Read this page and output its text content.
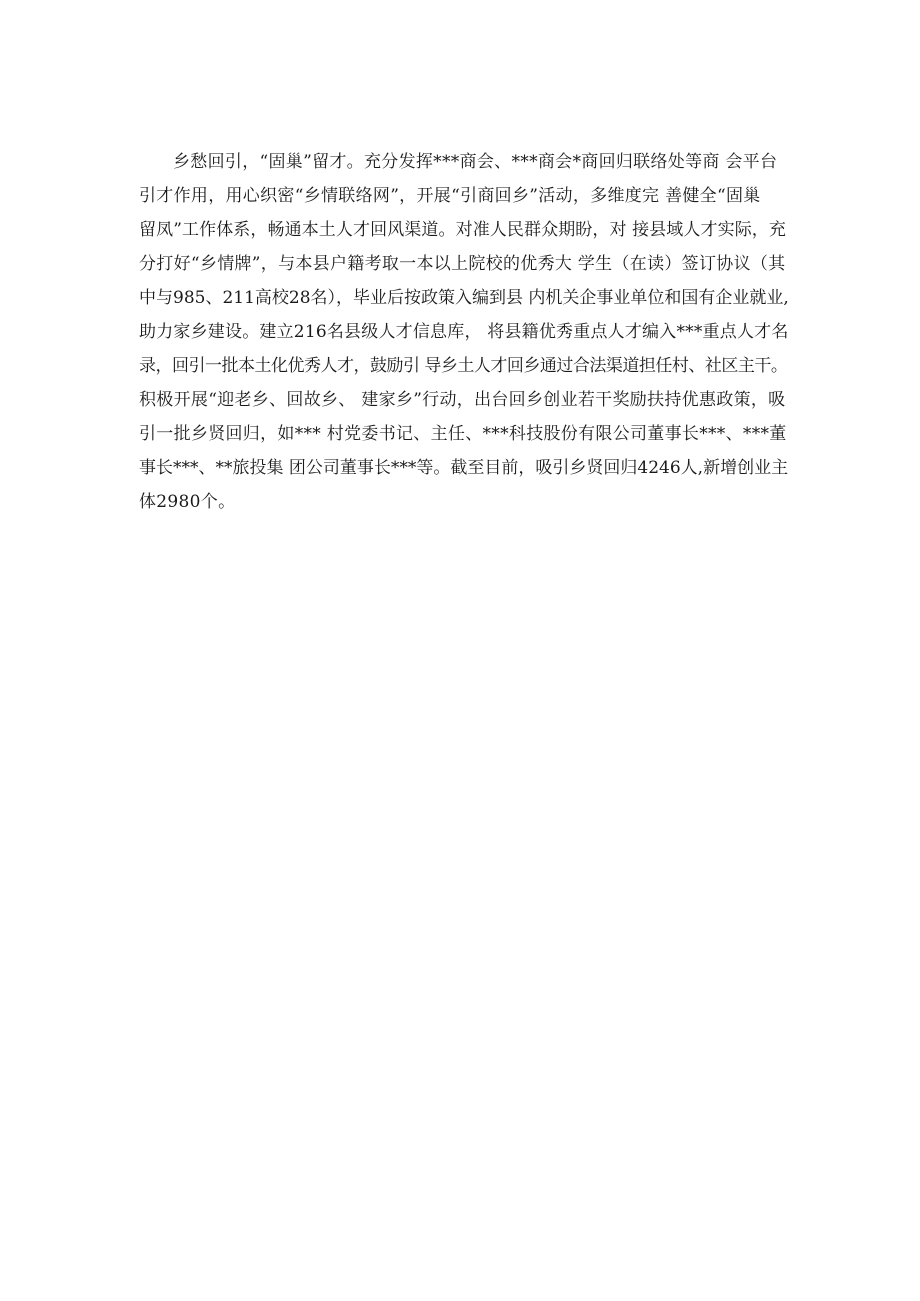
乡愁回引，“固巢”留才。充分发挥***商会、***商会*商回归联络处等商 会平台
引才作用，用心织密“乡情联络网”，开展“引商回乡”活动，多维度完 善健全“固巢
留凤”工作体系，畅通本土人才回风渠道。对准人民群众期盼，对 接县域人才实际，充
分打好“乡情牌”，与本县户籍考取一本以上院校的优秀大 学生（在读）签订协议（其
中与985、211高校28名），毕业后按政策入编到县 内机关企事业单位和国有企业就业,
助力家乡建设。建立216名县级人才信息库， 将县籍优秀重点人才编入***重点人才名
录，回引一批本土化优秀人才，鼓励引 导乡土人才回乡通过合法渠道担任村、社区主干。
积极开展“迎老乡、回故乡、 建家乡”行动，出台回乡创业若干奖励扶持优惠政策，吸
引一批乡贤回归，如*** 村党委书记、主任、***科技股份有限公司董事长***、***董
事长***、**旅投集 团公司董事长***等。截至目前，吸引乡贤回归4246人,新增创业主
体2980个。
